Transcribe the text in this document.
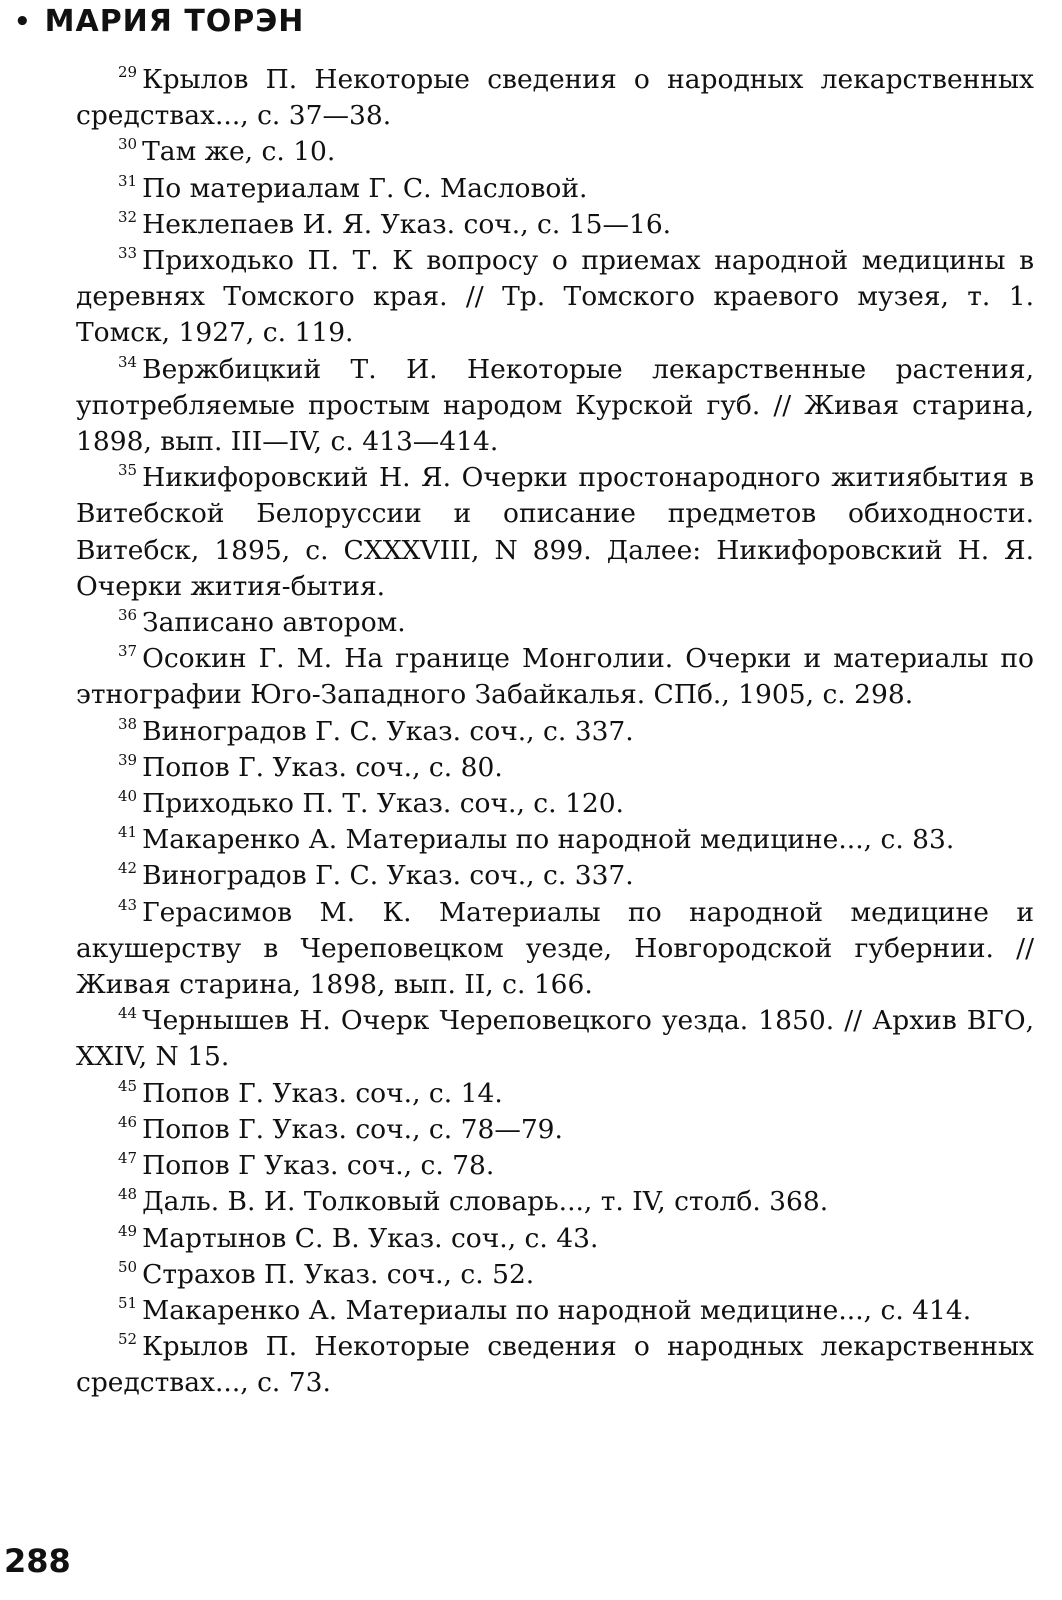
• МАРИЯ ТОРЭН

$^{29}$ Крылов П. Некоторые сведения о народных лекарственных средствах..., с. 37—38.

$^{30}$ Там же, с. 10.

$^{31}$ По материалам Г. С. Масловой.

$^{32}$ Неклепаев И. Я. Указ. соч., с. 15—16.

$^{33}$ Приходько П. Т. К вопросу о приемах народной медицины в деревнях Томского края. // Тр. Томского краевого музея, т. 1. Томск, 1927, с. 119.

$^{34}$ Вержбицкий Т. И. Некоторые лекарственные растения, употребляемые простым народом Курской губ. // Живая старина, 1898, вып. III—IV, с. 413—414.

$^{35}$ Никифоровский Н. Я. Очерки простонародного житиябытия в Витебской Белоруссии и описание предметов обиходности. Витебск, 1895, с. CXXXVIII, N 899. Далее: Никифоровский Н. Я. Очерки жития-бытия.

$^{36}$ Записано автором.

$^{37}$ Осокин Г. М. На границе Монголии. Очерки и материалы по этнографии Юго-Западного Забайкалья. СПб., 1905, с. 298.

$^{38}$ Виноградов Г. С. Указ. соч., с. 337.

$^{39}$ Попов Г. Указ. соч., с. 80.

$^{40}$ Приходько П. Т. Указ. соч., с. 120.

$^{41}$ Макаренко А. Материалы по народной медицине..., с. 83.

$^{42}$ Виноградов Г. С. Указ. соч., с. 337.

$^{43}$ Герасимов М. К. Материалы по народной медицине и акушерству в Череповецком уезде, Новгородской губернии. // Живая старина, 1898, вып. II, с. 166.

$^{44}$ Чернышев Н. Очерк Череповецкого уезда. 1850. // Архив ВГО, XXIV, N 15.

$^{45}$ Попов Г. Указ. соч., с. 14.

$^{46}$ Попов Г. Указ. соч., с. 78—79.

$^{47}$ Попов Г Указ. соч., с. 78.

$^{48}$ Даль. В. И. Толковый словарь..., т. IV, столб. 368.

$^{49}$ Мартынов С. В. Указ. соч., с. 43.

$^{50}$ Страхов П. Указ. соч., с. 52.

$^{51}$ Макаренко А. Материалы по народной медицине..., с. 414.

$^{52}$ Крылов П. Некоторые сведения о народных лекарственных средствах..., с. 73.

288
